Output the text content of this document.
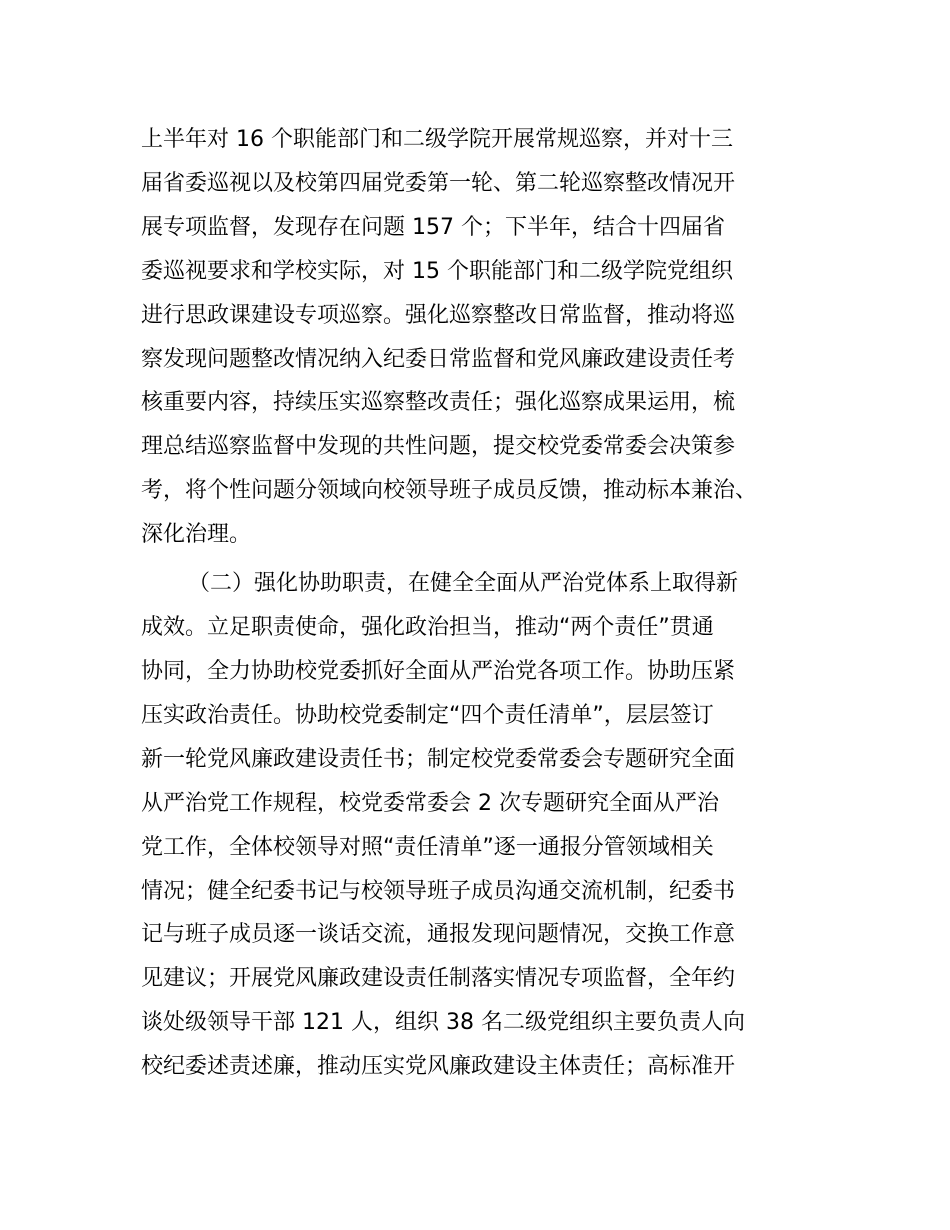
上半年对 16 个职能部门和二级学院开展常规巡察，并对十三
届省委巡视以及校第四届党委第一轮、第二轮巡察整改情况开
展专项监督，发现存在问题 157 个；下半年，结合十四届省
委巡视要求和学校实际，对 15 个职能部门和二级学院党组织
进行思政课建设专项巡察。强化巡察整改日常监督，推动将巡
察发现问题整改情况纳入纪委日常监督和党风廉政建设责任考
核重要内容，持续压实巡察整改责任；强化巡察成果运用，梳
理总结巡察监督中发现的共性问题，提交校党委常委会决策参
考，将个性问题分领域向校领导班子成员反馈，推动标本兼治、
深化治理。
（二）强化协助职责，在健全全面从严治党体系上取得新
成效。立足职责使命，强化政治担当，推动“两个责任”贯通
协同，全力协助校党委抓好全面从严治党各项工作。协助压紧
压实政治责任。协助校党委制定“四个责任清单”，层层签订
新一轮党风廉政建设责任书；制定校党委常委会专题研究全面
从严治党工作规程，校党委常委会 2 次专题研究全面从严治
党工作，全体校领导对照“责任清单”逐一通报分管领域相关
情况；健全纪委书记与校领导班子成员沟通交流机制，纪委书
记与班子成员逐一谈话交流，通报发现问题情况，交换工作意
见建议；开展党风廉政建设责任制落实情况专项监督，全年约
谈处级领导干部 121 人，组织 38 名二级党组织主要负责人向
校纪委述责述廉，推动压实党风廉政建设主体责任；高标准开
